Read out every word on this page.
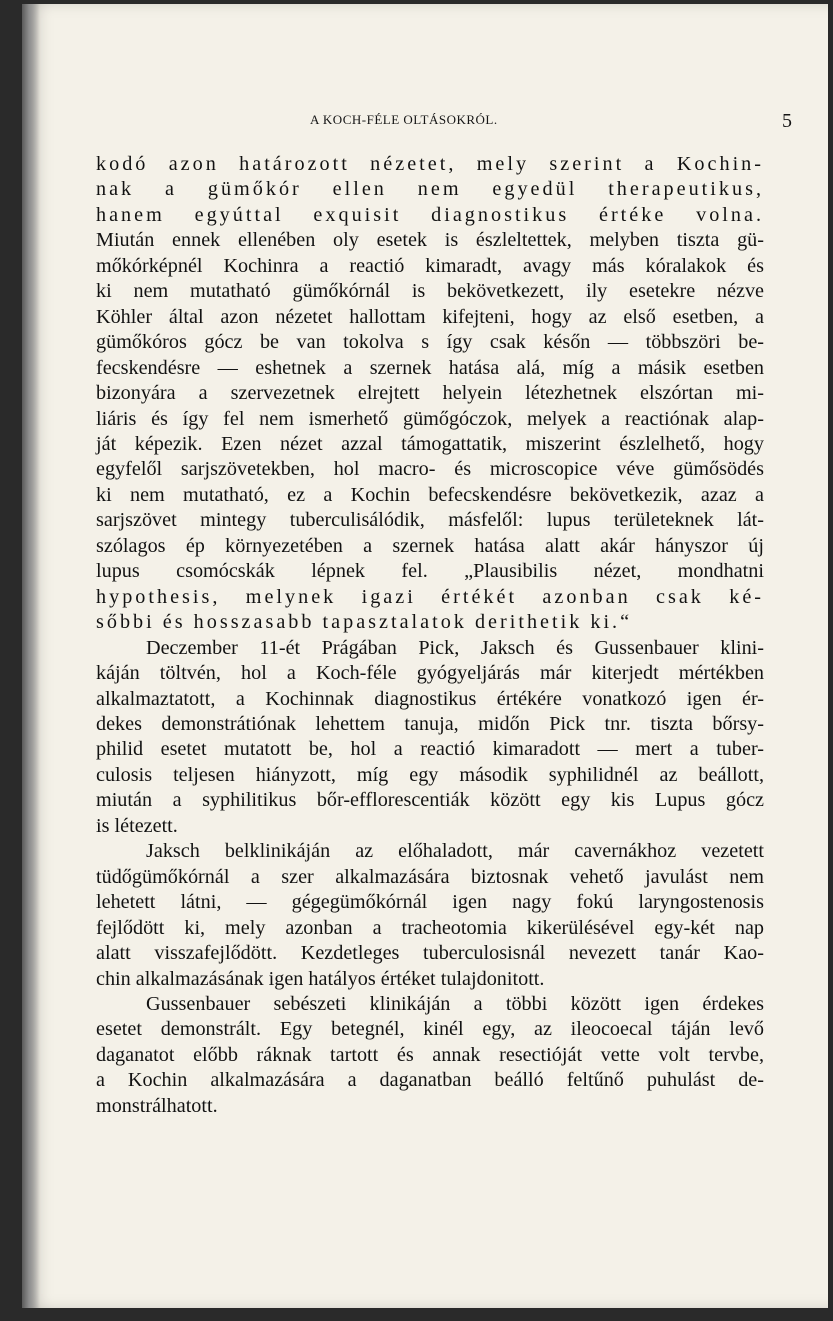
A KOCH-FÉLE OLTÁSOKRÓL.	5
kodó azon határozott nézetet, mely szerint a Kochin-
nak a gümőkór ellen nem egyedül therapeutikus,
hanem egyúttal exquisit diagnostikus értéke volna.
Miután ennek ellenében oly esetek is észleltettek, melyben tiszta gü-
mőkórképnél Kochinra a reactió kimaradt, avagy más kóralakok és
ki nem mutatható gümőkórnál is bekövetkezett, ily esetekre nézve
Köhler által azon nézetet hallottam kifejteni, hogy az első esetben, a
gümőkóros gócz be van tokolva s így csak későn — többszöri be-
fecskendésre — eshetnek a szernek hatása alá, míg a másik esetben
bizonyára a szervezetnek elrejtett helyein létezhetnek elszórtan mi-
liáris és így fel nem ismerhető gümőgóczok, melyek a reactiónak alap-
ját képezik. Ezen nézet azzal támogattatik, miszerint észlelhető, hogy
egyfelől sarjszövetekben, hol macro- és microscopice véve gümősödés
ki nem mutatható, ez a Kochin befecskendésre bekövetkezik, azaz a
sarjszövet mintegy tuberculisálódik, másfelől: lupus területeknek lát-
szólagos ép környezetében a szernek hatása alatt akár hányszor új
lupus csomócskák lépnek fel. „Plausibilis nézet, mondhatni
hypothesis, melynek igazi értékét azonban csak ké-
sőbbi és hosszasabb tapasztalatok derithetik ki.“
Deczember 11-ét Prágában Pick, Jaksch és Gussenbauer klini-
káján töltvén, hol a Koch-féle gyógyeljárás már kiterjedt mértékben
alkalmaztatott, a Kochinnak diagnostikus értékére vonatkozó igen ér-
dekes demonstrátiónak lehettem tanuja, midőn Pick tnr. tiszta bőrsy-
philid esetet mutatott be, hol a reactió kimaradott — mert a tuber-
culosis teljesen hiányzott, míg egy második syphilidnél az beállott,
miután a syphilitikus bőr-efflorescentiák között egy kis Lupus gócz
is létezett.
Jaksch belklinikáján az előhaladott, már cavernákhoz vezetett
tüdőgümőkórnál a szer alkalmazására biztosnak vehető javulást nem
lehetett látni, — gégegümőkórnál igen nagy fokú laryngostenosis
fejlődött ki, mely azonban a tracheotomia kikerülésével egy-két nap
alatt visszafejlődött. Kezdetleges tuberculosisnál nevezett tanár Kao-
chin alkalmazásának igen hatályos értéket tulajdonitott.
Gussenbauer sebészeti klinikáján a többi között igen érdekes
esetet demonstrált. Egy betegnél, kinél egy, az ileocoecal táján levő
daganatot előbb ráknak tartott és annak resectióját vette volt tervbe,
a Kochin alkalmazására a daganatban beálló feltűnő puhulást de-
monstrálhatott.
